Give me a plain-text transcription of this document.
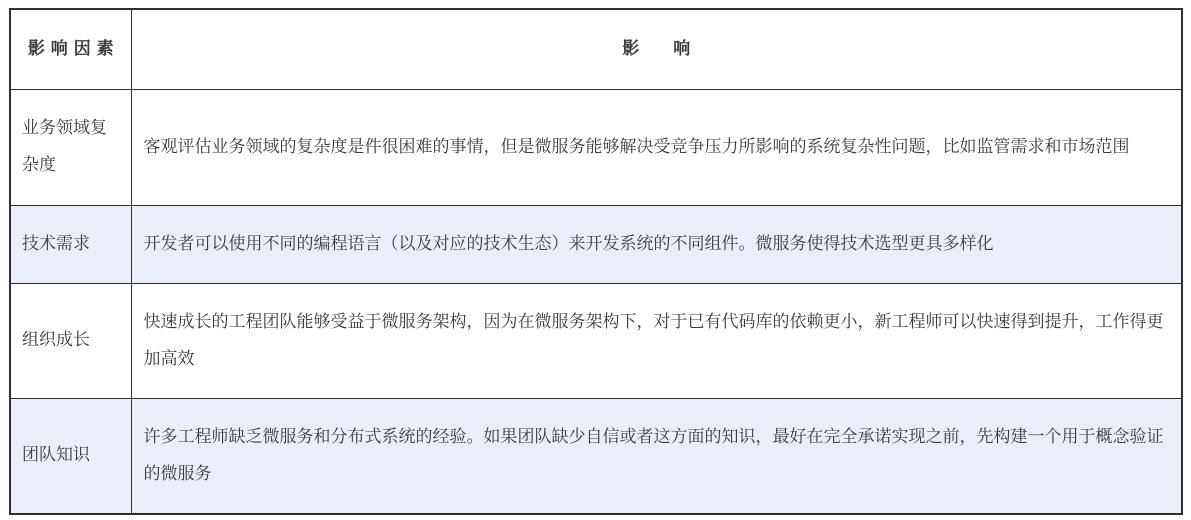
影 响 因 素	影　　响
业务领域复杂度	客观评估业务领域的复杂度是件很困难的事情，但是微服务能够解决受竞争压力所影响的系统复杂性问题，比如监管需求和市场范围
技术需求	开发者可以使用不同的编程语言（以及对应的技术生态）来开发系统的不同组件。微服务使得技术选型更具多样化
组织成长	快速成长的工程团队能够受益于微服务架构，因为在微服务架构下，对于已有代码库的依赖更小，新工程师可以快速得到提升，工作得更加高效
团队知识	许多工程师缺乏微服务和分布式系统的经验。如果团队缺少自信或者这方面的知识，最好在完全承诺实现之前，先构建一个用于概念验证的微服务
